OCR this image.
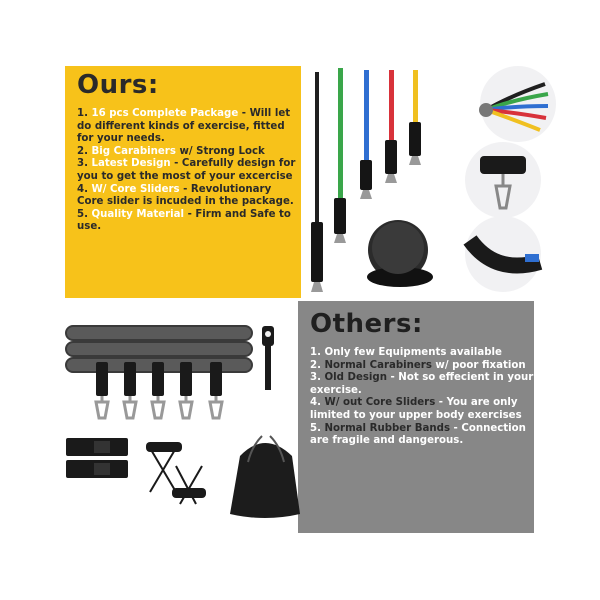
Ours:
1. 16 pcs Complete Package - Will let do different kinds of exercise, fitted for your needs.
2. Big Carabiners w/ Strong Lock
3. Latest Design - Carefully design for you to get the most of your excercise
4. W/ Core Sliders - Revolutionary Core slider is incuded in the package.
5. Quality Material - Firm and Safe to use.
Others:
1. Only few Equipments available
2. Normal Carabiners w/ poor fixation
3. Old Design - Not so effecient in your exercise.
4. W/ out Core Sliders - You are only limited to your upper body exercises
5. Normal Rubber Bands - Connection are fragile and dangerous.
